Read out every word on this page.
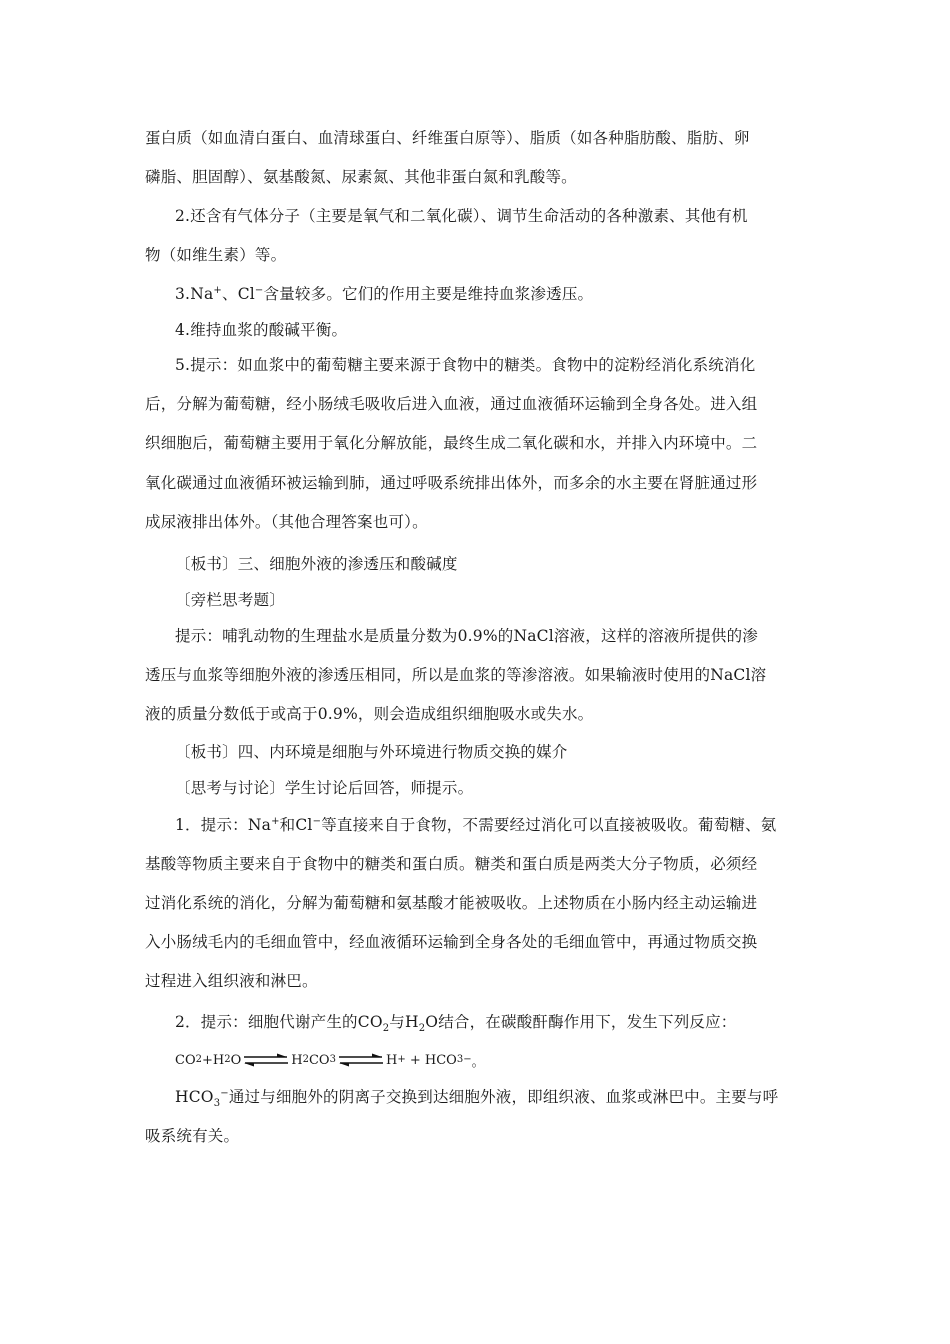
蛋白质（如血清白蛋白、血清球蛋白、纤维蛋白原等）、脂质（如各种脂肪酸、脂肪、卵
磷脂、胆固醇）、氨基酸氮、尿素氮、其他非蛋白氮和乳酸等。
2.还含有气体分子（主要是氧气和二氧化碳）、调节生命活动的各种激素、其他有机
物（如维生素）等。
3.Na+、Cl−含量较多。它们的作用主要是维持血浆渗透压。
4.维持血浆的酸碱平衡。
5.提示：如血浆中的葡萄糖主要来源于食物中的糖类。食物中的淀粉经消化系统消化
后，分解为葡萄糖，经小肠绒毛吸收后进入血液，通过血液循环运输到全身各处。进入组
织细胞后，葡萄糖主要用于氧化分解放能，最终生成二氧化碳和水，并排入内环境中。二
氧化碳通过血液循环被运输到肺，通过呼吸系统排出体外，而多余的水主要在肾脏通过形
成尿液排出体外。（其他合理答案也可）。
〔板书〕三、细胞外液的渗透压和酸碱度
〔旁栏思考题〕
提示：哺乳动物的生理盐水是质量分数为0.9%的NaCl溶液，这样的溶液所提供的渗
透压与血浆等细胞外液的渗透压相同，所以是血浆的等渗溶液。如果输液时使用的NaCl溶
液的质量分数低于或高于0.9%，则会造成组织细胞吸水或失水。
〔板书〕四、内环境是细胞与外环境进行物质交换的媒介
〔思考与讨论〕学生讨论后回答，师提示。
1．提示：Na+和Cl−等直接来自于食物，不需要经过消化可以直接被吸收。葡萄糖、氨
基酸等物质主要来自于食物中的糖类和蛋白质。糖类和蛋白质是两类大分子物质，必须经
过消化系统的消化，分解为葡萄糖和氨基酸才能被吸收。上述物质在小肠内经主动运输进
入小肠绒毛内的毛细血管中，经血液循环运输到全身各处的毛细血管中，再通过物质交换
过程进入组织液和淋巴。
2．提示：细胞代谢产生的$CO_2$与$H_2O$结合，在碳酸酐酶作用下，发生下列反应：
CO 2 +H 2 O ⇌ H 2 CO 3 ⇌ H + + HCO 3 − 。
$HCO_3^-$通过与细胞外的阴离子交换到达细胞外液，即组织液、血浆或淋巴中。主要与呼
吸系统有关。
